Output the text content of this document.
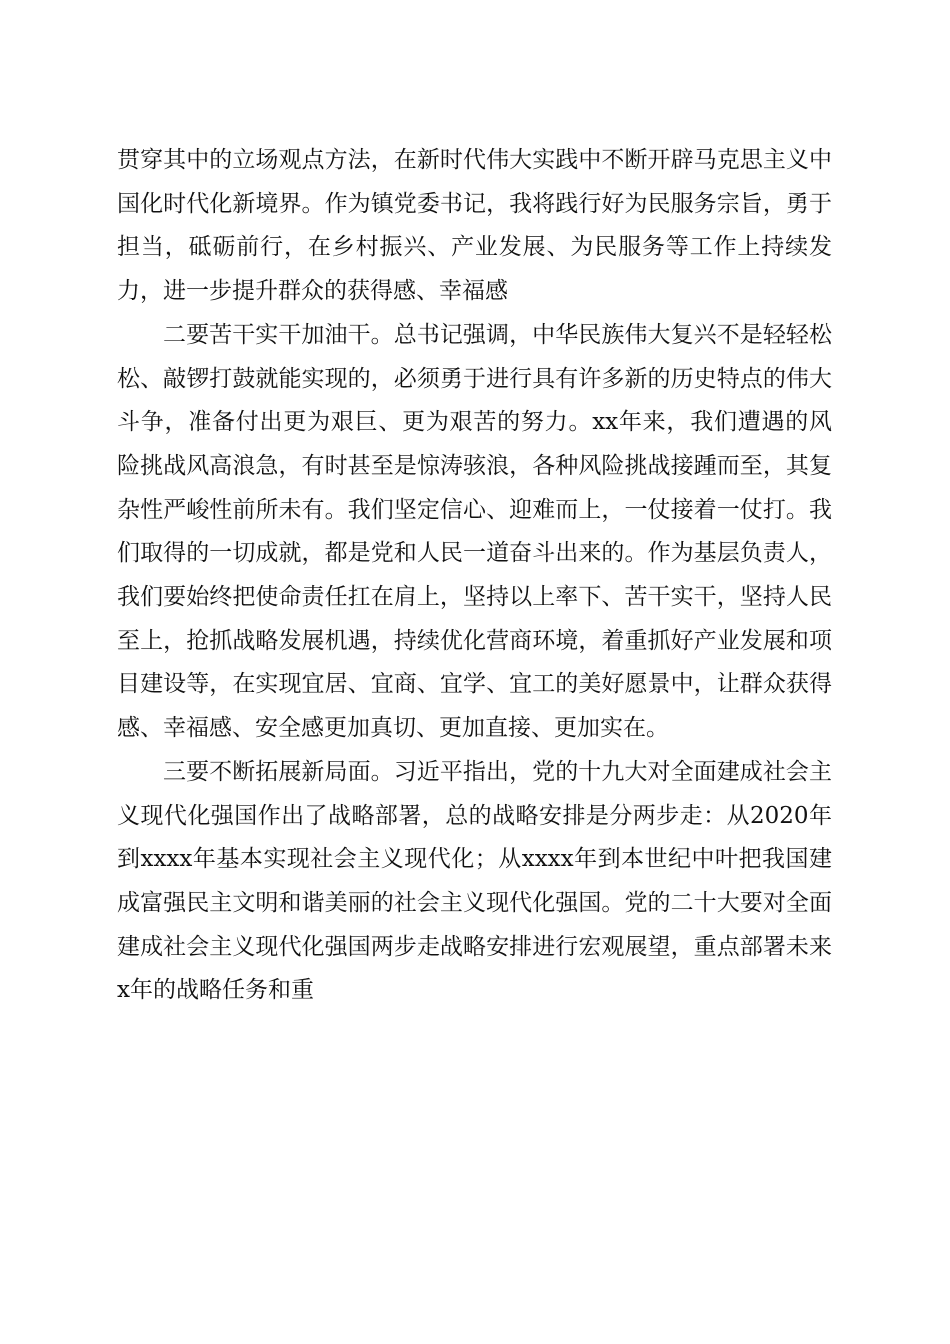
贯穿其中的立场观点方法，在新时代伟大实践中不断开辟马克思主义中国化时代化新境界。作为镇党委书记，我将践行好为民服务宗旨，勇于担当，砥砺前行，在乡村振兴、产业发展、为民服务等工作上持续发力，进一步提升群众的获得感、幸福感

二要苦干实干加油干。总书记强调，中华民族伟大复兴不是轻轻松松、敲锣打鼓就能实现的，必须勇于进行具有许多新的历史特点的伟大斗争，准备付出更为艰巨、更为艰苦的努力。xx年来，我们遭遇的风险挑战风高浪急，有时甚至是惊涛骇浪，各种风险挑战接踵而至，其复杂性严峻性前所未有。我们坚定信心、迎难而上，一仗接着一仗打。我们取得的一切成就，都是党和人民一道奋斗出来的。作为基层负责人，我们要始终把使命责任扛在肩上，坚持以上率下、苦干实干，坚持人民至上，抢抓战略发展机遇，持续优化营商环境，着重抓好产业发展和项目建设等，在实现宜居、宜商、宜学、宜工的美好愿景中，让群众获得感、幸福感、安全感更加真切、更加直接、更加实在。

三要不断拓展新局面。习近平指出，党的十九大对全面建成社会主义现代化强国作出了战略部署，总的战略安排是分两步走：从2020年到xxxx年基本实现社会主义现代化；从xxxx年到本世纪中叶把我国建成富强民主文明和谐美丽的社会主义现代化强国。党的二十大要对全面建成社会主义现代化强国两步走战略安排进行宏观展望，重点部署未来x年的战略任务和重
